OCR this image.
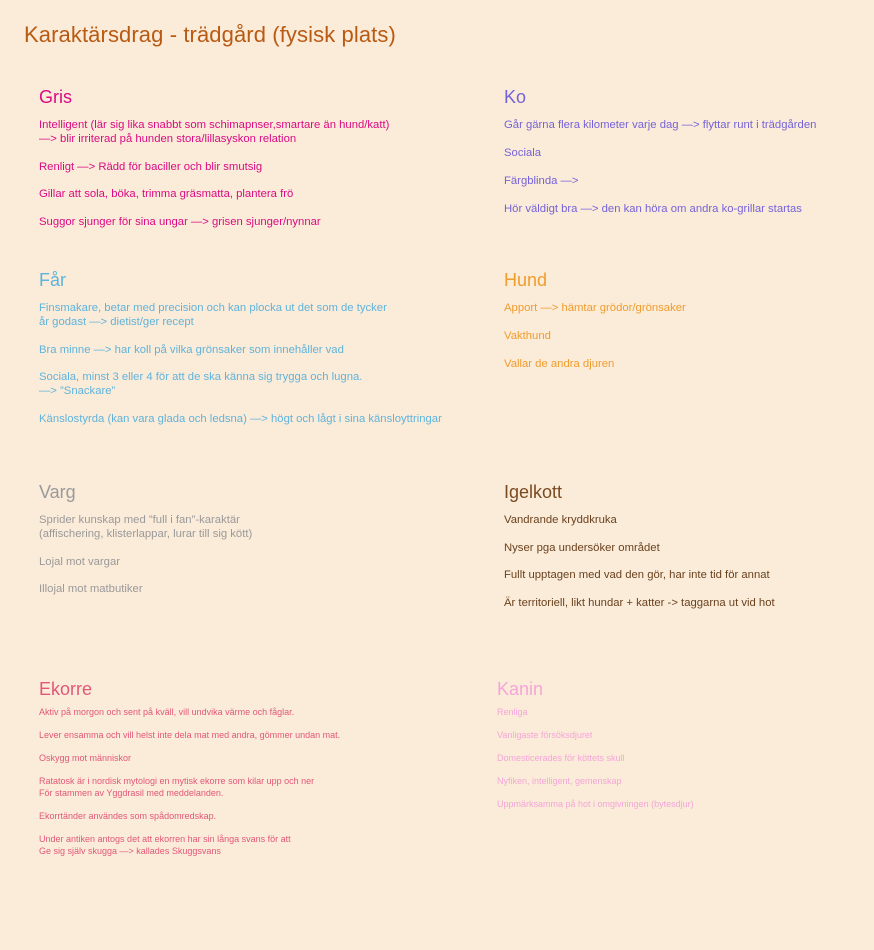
Karaktärsdrag - trädgård (fysisk plats)
Gris
Intelligent (lär sig lika snabbt som schimapnser,smartare än hund/katt)
—> blir irriterad på hunden stora/lillasyskon relation
Renligt —> Rädd för baciller och blir smutsig
Gillar att sola, böka, trimma gräsmatta, plantera frö
Suggor sjunger för sina ungar —> grisen sjunger/nynnar
Ko
Går gärna flera kilometer varje dag —> flyttar runt i trädgården
Sociala
Färgblinda —>
Hör väldigt bra —> den kan höra om andra ko-grillar startas
Får
Finsmakare, betar med precision och kan plocka ut det som de tycker
år godast —> dietist/ger recept
Bra minne —> har koll på vilka grönsaker som innehåller vad
Sociala, minst 3 eller 4 för att de ska känna sig trygga och lugna.
—> ”Snackare”
Känslostyrda (kan vara glada och ledsna) —> högt och lågt i sina känsloyttringar
Hund
Apport —> hämtar grödor/grönsaker
Vakthund
Vallar de andra djuren
Varg
Sprider kunskap med ”full i fan”-karaktär
(affischering, klisterlappar, lurar till sig kött)
Lojal mot vargar
Illojal mot matbutiker
Igelkott
Vandrande kryddkruka
Nyser pga undersöker området
Fullt upptagen med vad den gör, har inte tid för annat
Är territoriell, likt hundar + katter -> taggarna ut vid hot
Ekorre
Aktiv på morgon och sent på kväll, vill undvika värme och fåglar.
Lever ensamma och vill helst inte dela mat med andra, gömmer undan mat.
Oskygg mot människor
Ratatosk är i nordisk mytologi en mytisk ekorre som kilar upp och ner
För stammen av Yggdrasil med meddelanden.
Ekorrtänder användes som spådomredskap.
Under antiken antogs det att ekorren har sin långa svans för att
Ge sig själv skugga —> kallades Skuggsvans
Kanin
Renliga
Vanligaste försöksdjuret
Domesticerades för köttets skull
Nyfiken, intelligent, gemenskap
Uppmärksamma på hot i omgivningen (bytesdjur)
